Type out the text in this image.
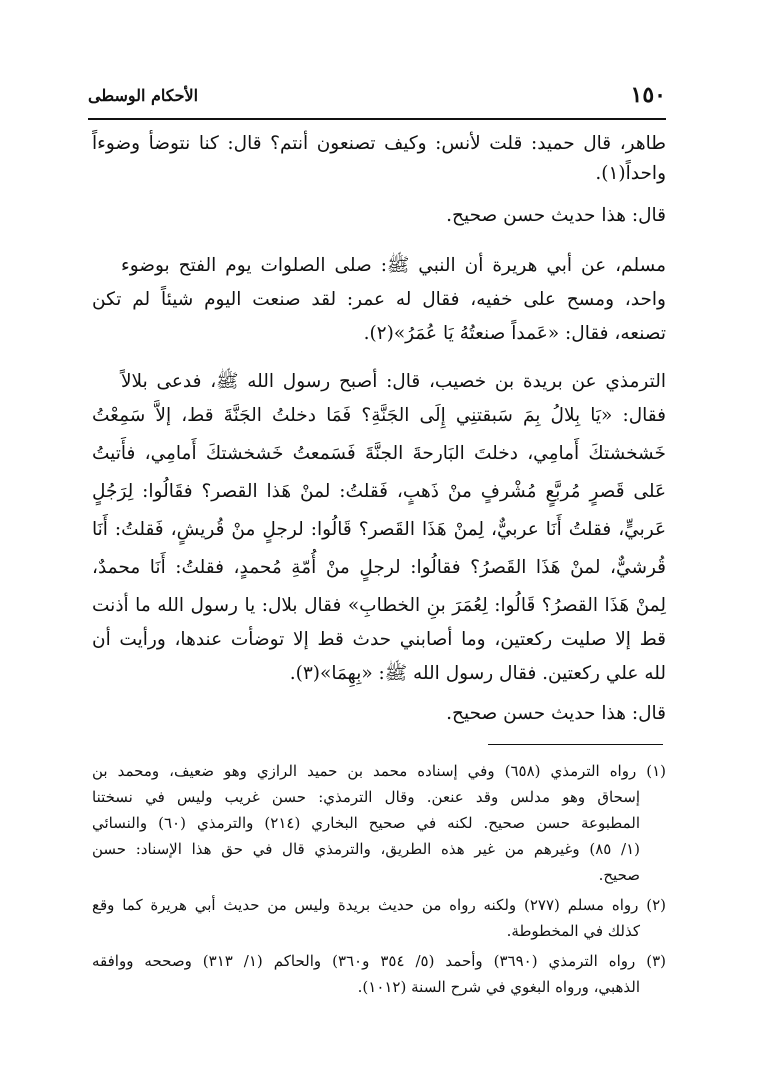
١٥٠
الأحكام الوسطى
طاهر، قال حميد: قلت لأنس: وكيف تصنعون أنتم؟ قال: كنا نتوضأ وضوءاً
واحداً(١).
قال: هذا حديث حسن صحيح.
مسلم، عن أبي هريرة أن النبي ﷺ: صلى الصلوات يوم الفتح بوضوء
واحد، ومسح على خفيه، فقال له عمر: لقد صنعت اليوم شيئاً لم تكن
تصنعه، فقال: «عَمداً صنعتُهُ يَا عُمَرُ»(٢).
الترمذي عن بريدة بن خصيب، قال: أصبح رسول الله ﷺ، فدعى بلالاً
فقال: «يَا بِلالُ بِمَ سَبقتنِي إِلَى الجَنَّةِ؟ فَمَا دخلتُ الجَنَّةَ قط، إلاَّ سَمِعْتُ
خَشخشتكَ أَمامِي، دخلتَ البَارحةَ الجنَّةَ فَسَمعتُ خَشخشتكَ أَمامِي، فأَتيتُ
عَلى قَصرٍ مُربَّعٍ مُشْرفٍ منْ ذَهبٍ، فَقلتُ: لمنْ هَذا القصر؟ فقَالُوا: لِرَجُلٍ
عَربيٍّ، فقلتُ أَنَا عربيٌّ، لِمنْ هَذَا القَصر؟ قَالُوا: لرجلٍ منْ قُريشٍ، فَقلتُ: أَنَا
قُرشيٌّ، لمنْ هَذَا القَصرُ؟ فقالُوا: لرجلٍ منْ أُمّةِ مُحمدٍ، فقلتُ: أَنَا محمدٌ،
لِمنْ هَذَا القصرُ؟ قَالُوا: لِعُمَرَ بنِ الخطابِ» فقال بلال: يا رسول الله ما أذنت
قط إلا صليت ركعتين، وما أصابني حدث قط إلا توضأت عندها، ورأيت أن
لله علي ركعتين. فقال رسول الله ﷺ: «بِهِمَا»(٣).
قال: هذا حديث حسن صحيح.
(١) رواه الترمذي (٦٥٨) وفي إسناده محمد بن حميد الرازي وهو ضعيف، ومحمد بن
إسحاق وهو مدلس وقد عنعن. وقال الترمذي: حسن غريب وليس في نسختنا
المطبوعة حسن صحيح. لكنه في صحيح البخاري (٢١٤) والترمذي (٦٠) والنسائي
(١/ ٨٥) وغيرهم من غير هذه الطريق، والترمذي قال في حق هذا الإسناد: حسن
صحيح.
(٢) رواه مسلم (٢٧٧) ولكنه رواه من حديث بريدة وليس من حديث أبي هريرة كما وقع
كذلك في المخطوطة.
(٣) رواه الترمذي (٣٦٩٠) وأحمد (٥/ ٣٥٤ و٣٦٠) والحاكم (١/ ٣١٣) وصححه ووافقه
الذهبي، ورواه البغوي في شرح السنة (١٠١٢).
